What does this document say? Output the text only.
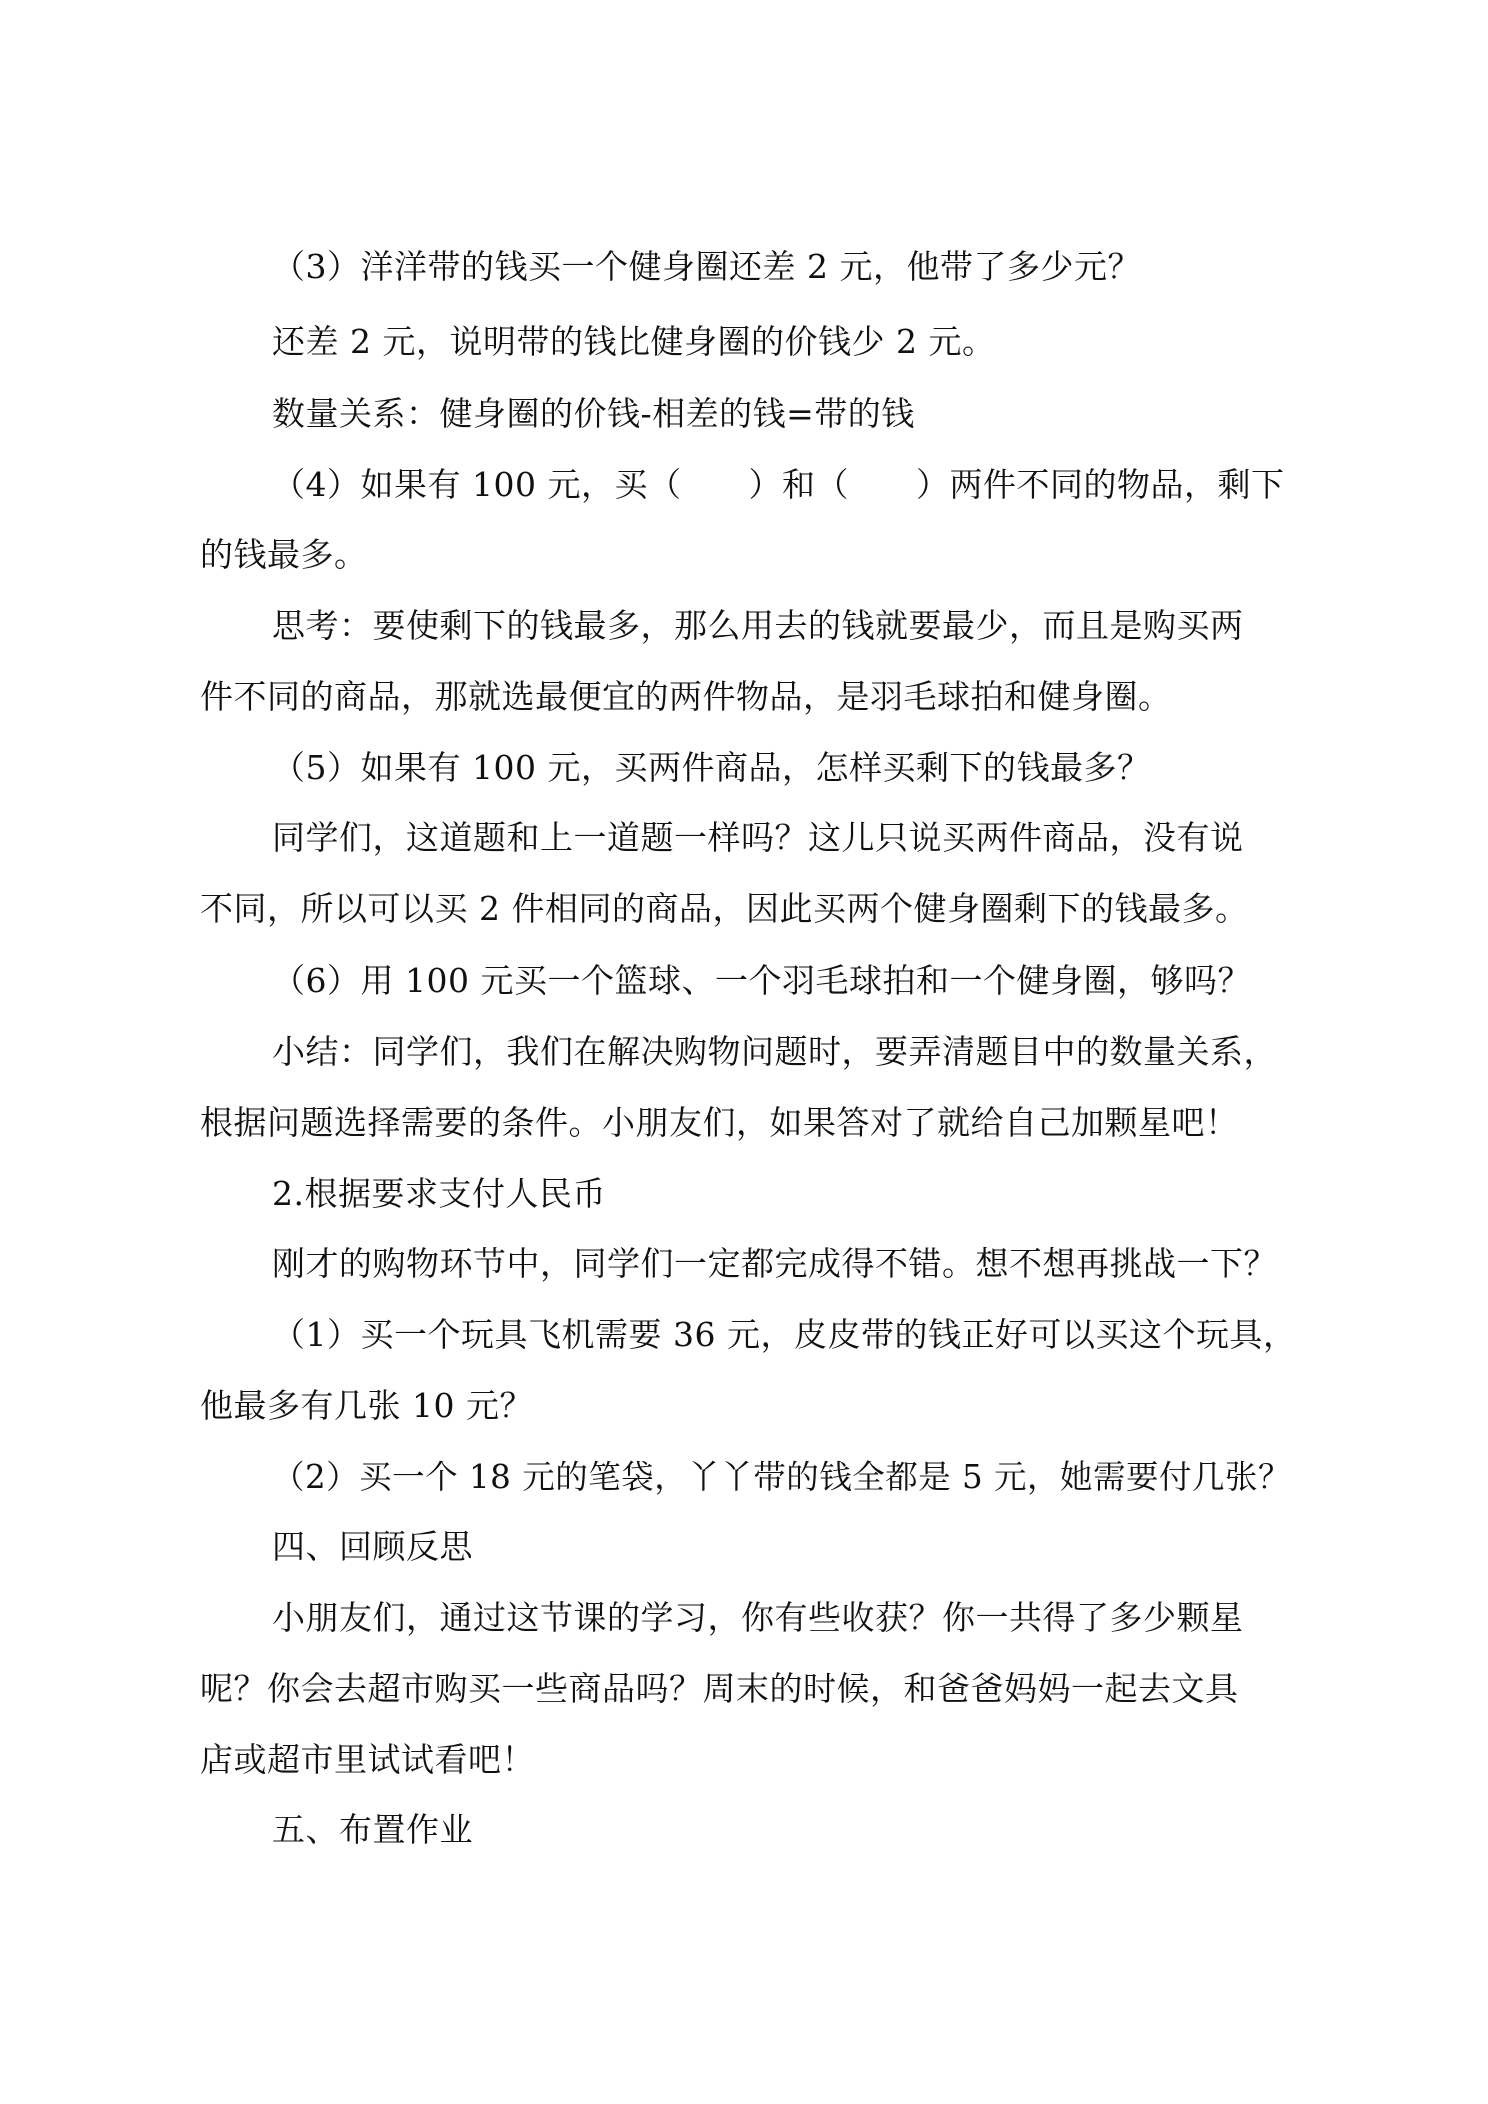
（3）洋洋带的钱买一个健身圈还差 2 元，他带了多少元？
还差 2 元，说明带的钱比健身圈的价钱少 2 元。
数量关系：健身圈的价钱-相差的钱=带的钱
（4）如果有 100 元，买（　　）和（　　）两件不同的物品，剩下
的钱最多。
思考：要使剩下的钱最多，那么用去的钱就要最少，而且是购买两
件不同的商品，那就选最便宜的两件物品，是羽毛球拍和健身圈。
（5）如果有 100 元，买两件商品，怎样买剩下的钱最多？
同学们，这道题和上一道题一样吗？这儿只说买两件商品，没有说
不同，所以可以买 2 件相同的商品，因此买两个健身圈剩下的钱最多。
（6）用 100 元买一个篮球、一个羽毛球拍和一个健身圈，够吗？
小结：同学们，我们在解决购物问题时，要弄清题目中的数量关系，
根据问题选择需要的条件。小朋友们，如果答对了就给自己加颗星吧！
2.根据要求支付人民币
刚才的购物环节中，同学们一定都完成得不错。想不想再挑战一下？
（1）买一个玩具飞机需要 36 元，皮皮带的钱正好可以买这个玩具，
他最多有几张 10 元？
（2）买一个 18 元的笔袋，丫丫带的钱全都是 5 元，她需要付几张？
四、回顾反思
小朋友们，通过这节课的学习，你有些收获？你一共得了多少颗星
呢？你会去超市购买一些商品吗？周末的时候，和爸爸妈妈一起去文具
店或超市里试试看吧！
五、布置作业
